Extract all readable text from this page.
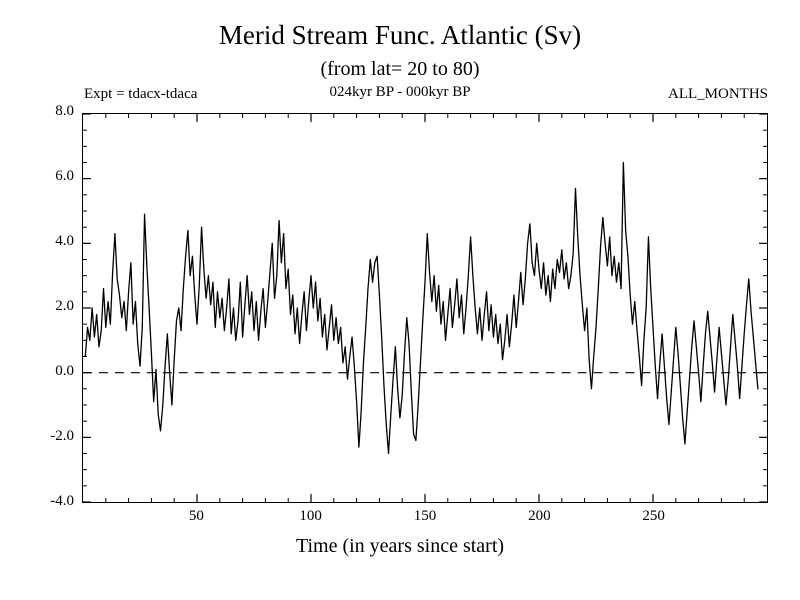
Merid Stream Func. Atlantic (Sv)
(from lat= 20 to 80)
Expt = tdacx-tdaca	024kyr BP - 000kyr BP	ALL_MONTHS
-4.0
-2.0
0.0
2.0
4.0
6.0
8.0
50	100	150	200	250
Time (in years since start)
